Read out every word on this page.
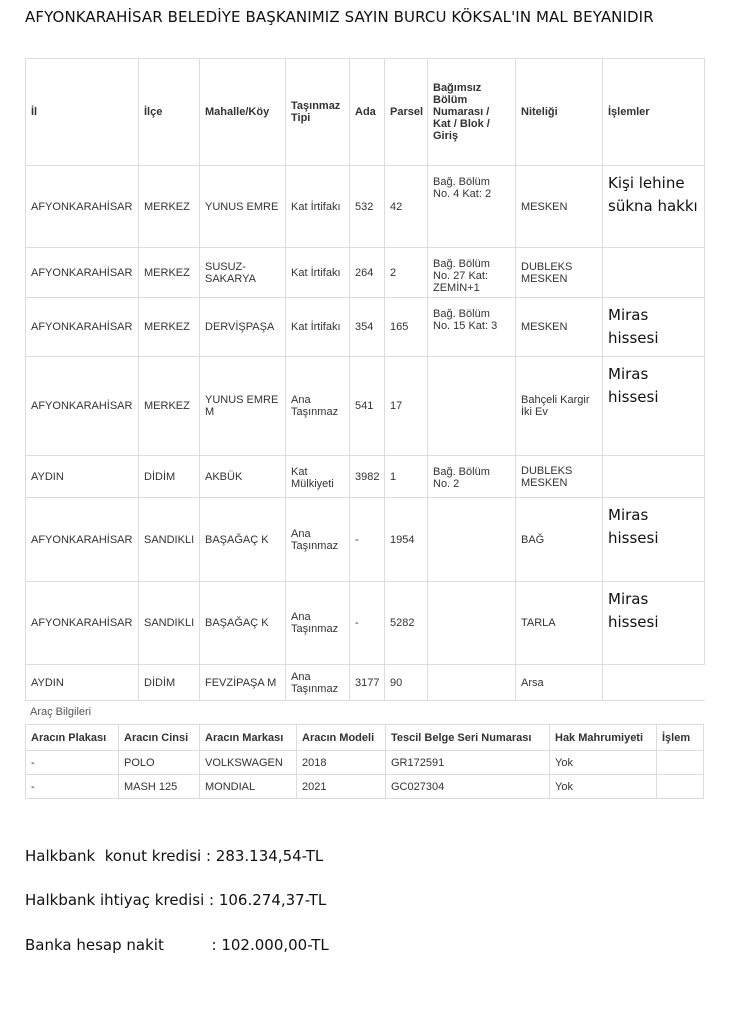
AFYONKARAHİSAR BELEDİYE BAŞKANIMIZ SAYIN BURCU KÖKSAL'IN MAL BEYANIDIR
İl	İlçe	Mahalle/Köy	Taşınmaz Tipi	Ada	Parsel	Bağımsız Bölüm Numarası / Kat / Blok / Giriş	Niteliği	İşlemler
AFYONKARAHİSAR	MERKEZ	YUNUS EMRE	Kat İrtifakı	532	42	Bağ. Bölüm No. 4 Kat: 2	MESKEN	Kişi lehine sükna hakkı
AFYONKARAHİSAR	MERKEZ	SUSUZ-SAKARYA	Kat İrtifakı	264	2	Bağ. Bölüm No. 27 Kat: ZEMİN+1	DUBLEKS MESKEN	
AFYONKARAHİSAR	MERKEZ	DERVİŞPAŞA	Kat İrtifakı	354	165	Bağ. Bölüm No. 15 Kat: 3	MESKEN	Miras hissesi
AFYONKARAHİSAR	MERKEZ	YUNUS EMRE M	Ana Taşınmaz	541	17		Bahçeli Kargir İki Ev	Miras hissesi
AYDIN	DİDİM	AKBÜK	Kat Mülkiyeti	3982	1	Bağ. Bölüm No. 2	DUBLEKS MESKEN	
AFYONKARAHİSAR	SANDIKLI	BAŞAĞAÇ K	Ana Taşınmaz	-	1954		BAĞ	Miras hissesi
AFYONKARAHİSAR	SANDIKLI	BAŞAĞAÇ K	Ana Taşınmaz	-	5282		TARLA	Miras hissesi
AYDIN	DİDİM	FEVZİPAŞA M	Ana Taşınmaz	3177	90		Arsa	
Araç Bilgileri
Aracın Plakası	Aracın Cinsi	Aracın Markası	Aracın Modeli	Tescil Belge Seri Numarası	Hak Mahrumiyeti	İşlem
-	POLO	VOLKSWAGEN	2018	GR172591	Yok	
-	MASH 125	MONDIAL	2021	GC027304	Yok	
Halkbank  konut kredisi : 283.134,54-TL
Halkbank ihtiyaç kredisi : 106.274,37-TL
Banka hesap nakit          : 102.000,00-TL
